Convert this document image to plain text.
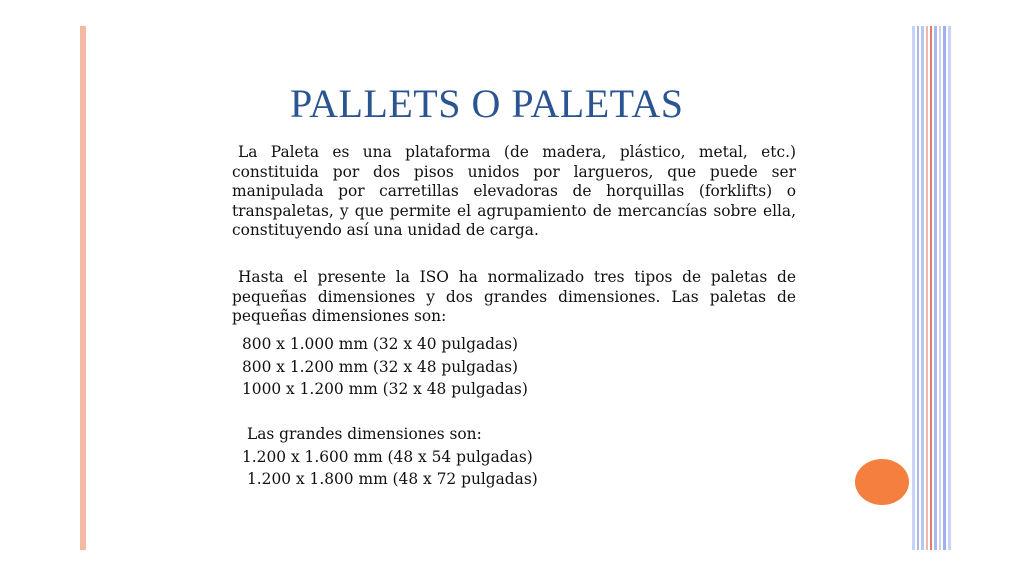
PALLETS O PALETAS

La Paleta es una plataforma (de madera, plástico, metal, etc.) constituida por dos pisos unidos por largueros, que puede ser manipulada por carretillas elevadoras de horquillas (forklifts) o transpaletas, y que permite el agrupamiento de mercancías sobre ella, constituyendo así una unidad de carga.

Hasta el presente la ISO ha normalizado tres tipos de paletas de pequeñas dimensiones y dos grandes dimensiones. Las paletas de pequeñas dimensiones son:

800 x 1.000 mm (32 x 40 pulgadas)
800 x 1.200 mm (32 x 48 pulgadas)
1000 x 1.200 mm (32 x 48 pulgadas)
Las grandes dimensiones son:
1.200 x 1.600 mm (48 x 54 pulgadas)
1.200 x 1.800 mm (48 x 72 pulgadas)
